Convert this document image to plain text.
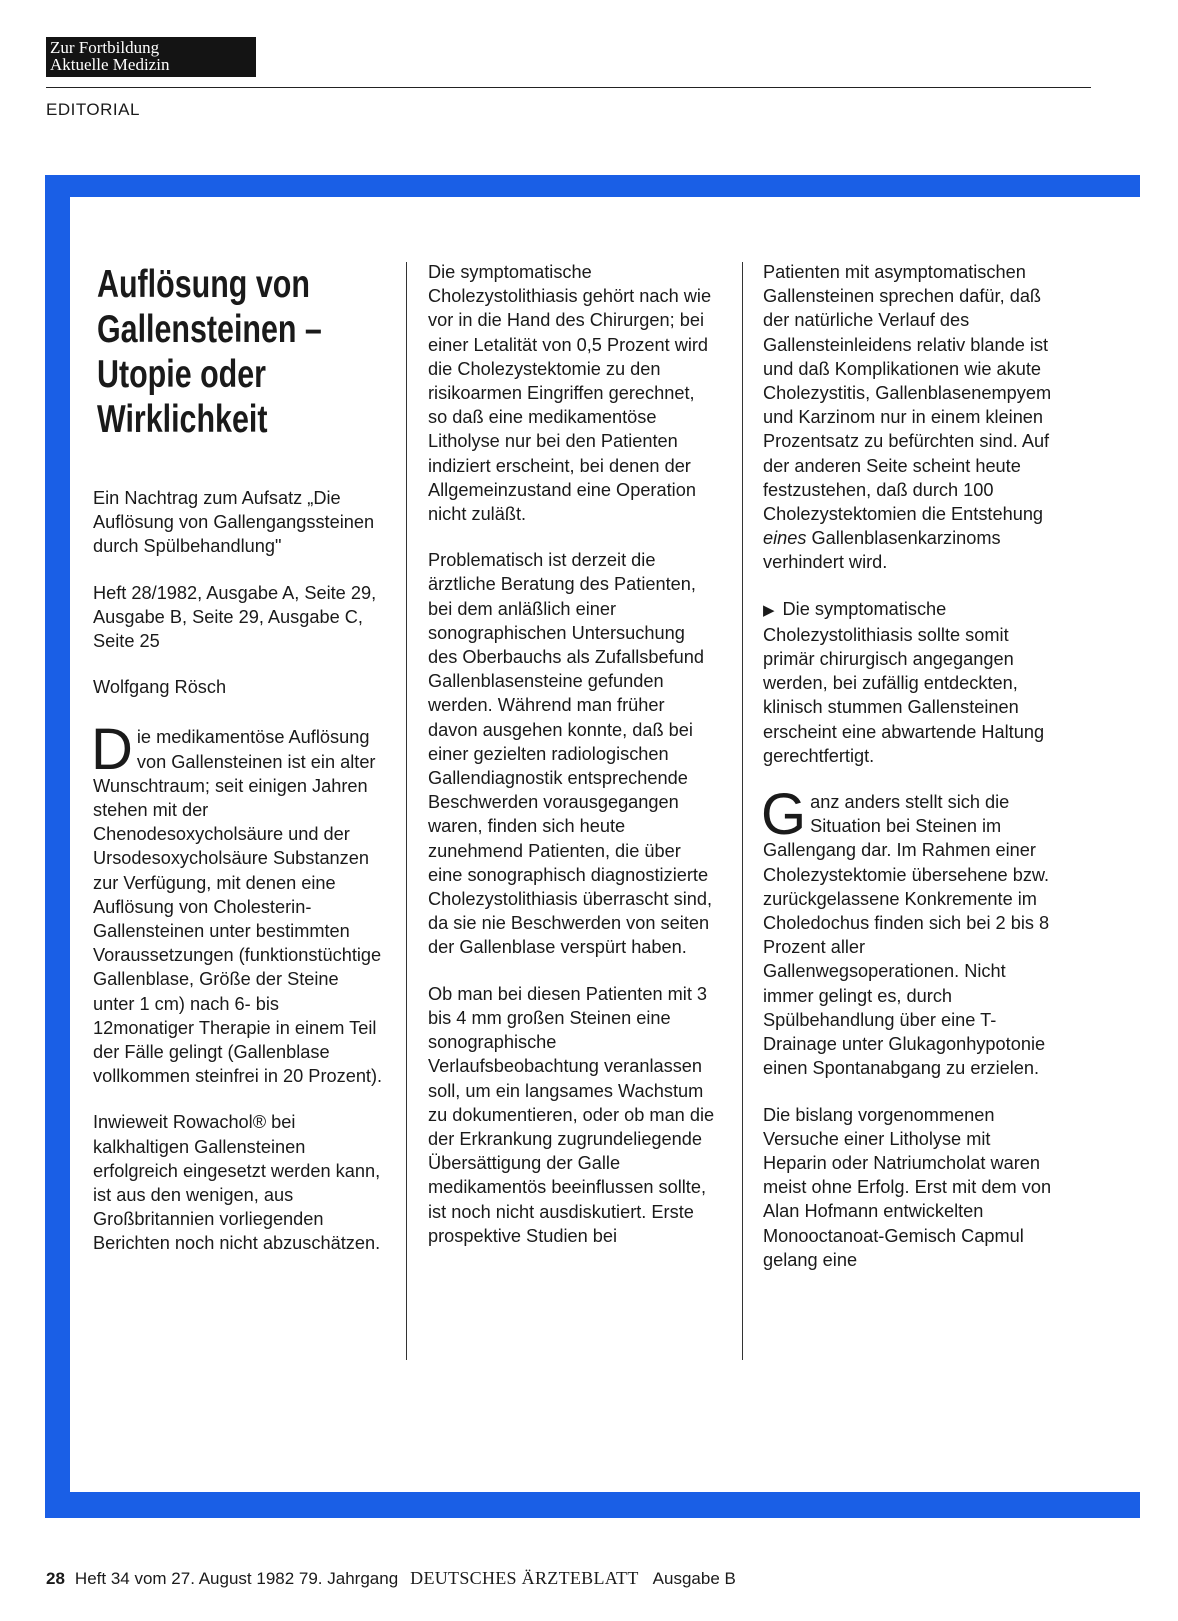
Zur Fortbildung
Aktuelle Medizin
EDITORIAL
Auflösung von Gallensteinen – Utopie oder Wirklichkeit

Ein Nachtrag zum Aufsatz „Die Auflösung von Gallengangssteinen durch Spülbehandlung"

Heft 28/1982, Ausgabe A, Seite 29, Ausgabe B, Seite 29, Ausgabe C, Seite 25

Wolfgang Rösch

Die medikamentöse Auflösung von Gallensteinen ist ein alter Wunschtraum; seit einigen Jahren stehen mit der Chenodesoxycholsäure und der Ursodesoxycholsäure Substanzen zur Verfügung, mit denen eine Auflösung von Cholesterin-Gallensteinen unter bestimmten Voraussetzungen (funktionstüchtige Gallenblase, Größe der Steine unter 1 cm) nach 6- bis 12monatiger Therapie in einem Teil der Fälle gelingt (Gallenblase vollkommen steinfrei in 20 Prozent).

Inwieweit Rowachol® bei kalkhaltigen Gallensteinen erfolgreich eingesetzt werden kann, ist aus den wenigen, aus Großbritannien vorliegenden Berichten noch nicht abzuschätzen.

Die symptomatische Cholezystolithiasis gehört nach wie vor in die Hand des Chirurgen; bei einer Letalität von 0,5 Prozent wird die Cholezystektomie zu den risikoarmen Eingriffen gerechnet, so daß eine medikamentöse Litholyse nur bei den Patienten indiziert erscheint, bei denen der Allgemeinzustand eine Operation nicht zuläßt.

Problematisch ist derzeit die ärztliche Beratung des Patienten, bei dem anläßlich einer sonographischen Untersuchung des Oberbauchs als Zufallsbefund Gallenblasensteine gefunden werden. Während man früher davon ausgehen konnte, daß bei einer gezielten radiologischen Gallendiagnostik entsprechende Beschwerden vorausgegangen waren, finden sich heute zunehmend Patienten, die über eine sonographisch diagnostizierte Cholezystolithiasis überrascht sind, da sie nie Beschwerden von seiten der Gallenblase verspürt haben.

Ob man bei diesen Patienten mit 3 bis 4 mm großen Steinen eine sonographische Verlaufsbeobachtung veranlassen soll, um ein langsames Wachstum zu dokumentieren, oder ob man die der Erkrankung zugrundeliegende Übersättigung der Galle medikamentös beeinflussen sollte, ist noch nicht ausdiskutiert. Erste prospektive Studien bei

Patienten mit asymptomatischen Gallensteinen sprechen dafür, daß der natürliche Verlauf des Gallensteinleidens relativ blande ist und daß Komplikationen wie akute Cholezystitis, Gallenblasenempyem und Karzinom nur in einem kleinen Prozentsatz zu befürchten sind. Auf der anderen Seite scheint heute festzustehen, daß durch 100 Cholezystektomien die Entstehung eines Gallenblasenkarzinoms verhindert wird.

▶ Die symptomatische Cholezystolithiasis sollte somit primär chirurgisch angegangen werden, bei zufällig entdeckten, klinisch stummen Gallensteinen erscheint eine abwartende Haltung gerechtfertigt.

Ganz anders stellt sich die Situation bei Steinen im Gallengang dar. Im Rahmen einer Cholezystektomie übersehene bzw. zurückgelassene Konkremente im Choledochus finden sich bei 2 bis 8 Prozent aller Gallenwegsoperationen. Nicht immer gelingt es, durch Spülbehandlung über eine T-Drainage unter Glukagonhypotonie einen Spontanabgang zu erzielen.

Die bislang vorgenommenen Versuche einer Litholyse mit Heparin oder Natriumcholat waren meist ohne Erfolg. Erst mit dem von Alan Hofmann entwickelten Monooctanoat-Gemisch Capmul gelang eine

28 Heft 34 vom 27. August 1982 79. Jahrgang DEUTSCHES ÄRZTEBLATT Ausgabe B
